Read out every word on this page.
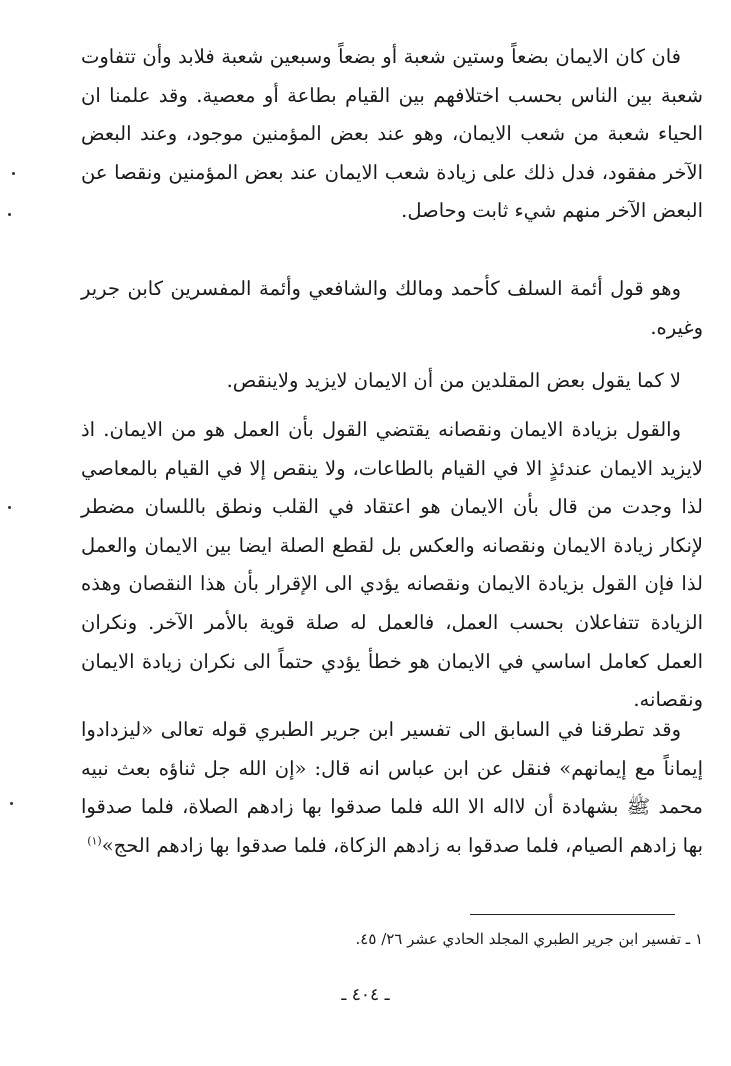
فان كان الايمان بضعاً وستين شعبة أو بضعاً وسبعين شعبة فلابد وأن تتفاوت شعبة بين الناس بحسب اختلافهم بين القيام بطاعة أو معصية. وقد علمنا ان الحياء شعبة من شعب الايمان، وهو عند بعض المؤمنين موجود، وعند البعض الآخر مفقود، فدل ذلك على زيادة شعب الايمان عند بعض المؤمنين ونقصا عن البعض الآخر منهم شيء ثابت وحاصل.

وهو قول أئمة السلف كأحمد ومالك والشافعي وأئمة المفسرين كابن جرير وغيره.

لا كما يقول بعض المقلدين من أن الايمان لايزيد ولاينقص.

والقول بزيادة الايمان ونقصانه يقتضي القول بأن العمل هو من الايمان. اذ لايزيد الايمان عندئذٍ الا في القيام بالطاعات، ولا ينقص إلا في القيام بالمعاصي لذا وجدت من قال بأن الايمان هو اعتقاد في القلب ونطق باللسان مضطر لإنكار زيادة الايمان ونقصانه والعكس بل لقطع الصلة ايضا بين الايمان والعمل لذا فإن القول بزيادة الايمان ونقصانه يؤدي الى الإقرار بأن هذا النقصان وهذه الزيادة تتفاعلان بحسب العمل، فالعمل له صلة قوية بالأمر الآخر. ونكران العمل كعامل اساسي في الايمان هو خطأ يؤدي حتماً الى نكران زيادة الايمان ونقصانه.

وقد تطرقنا في السابق الى تفسير ابن جرير الطبري قوله تعالى «ليزدادوا إيماناً مع إيمانهم» فنقل عن ابن عباس انه قال: «إن الله جل ثناؤه بعث نبيه محمد ﷺ بشهادة أن لااله الا الله فلما صدقوا بها زادهم الصلاة، فلما صدقوا بها زادهم الصيام، فلما صدقوا به زادهم الزكاة، فلما صدقوا بها زادهم الحج»$^{(١)}$

١ ـ تفسير ابن جرير الطبري المجلد الحادي عشر ٢٦/ ٤٥.

ـ ٤٠٤ ـ
